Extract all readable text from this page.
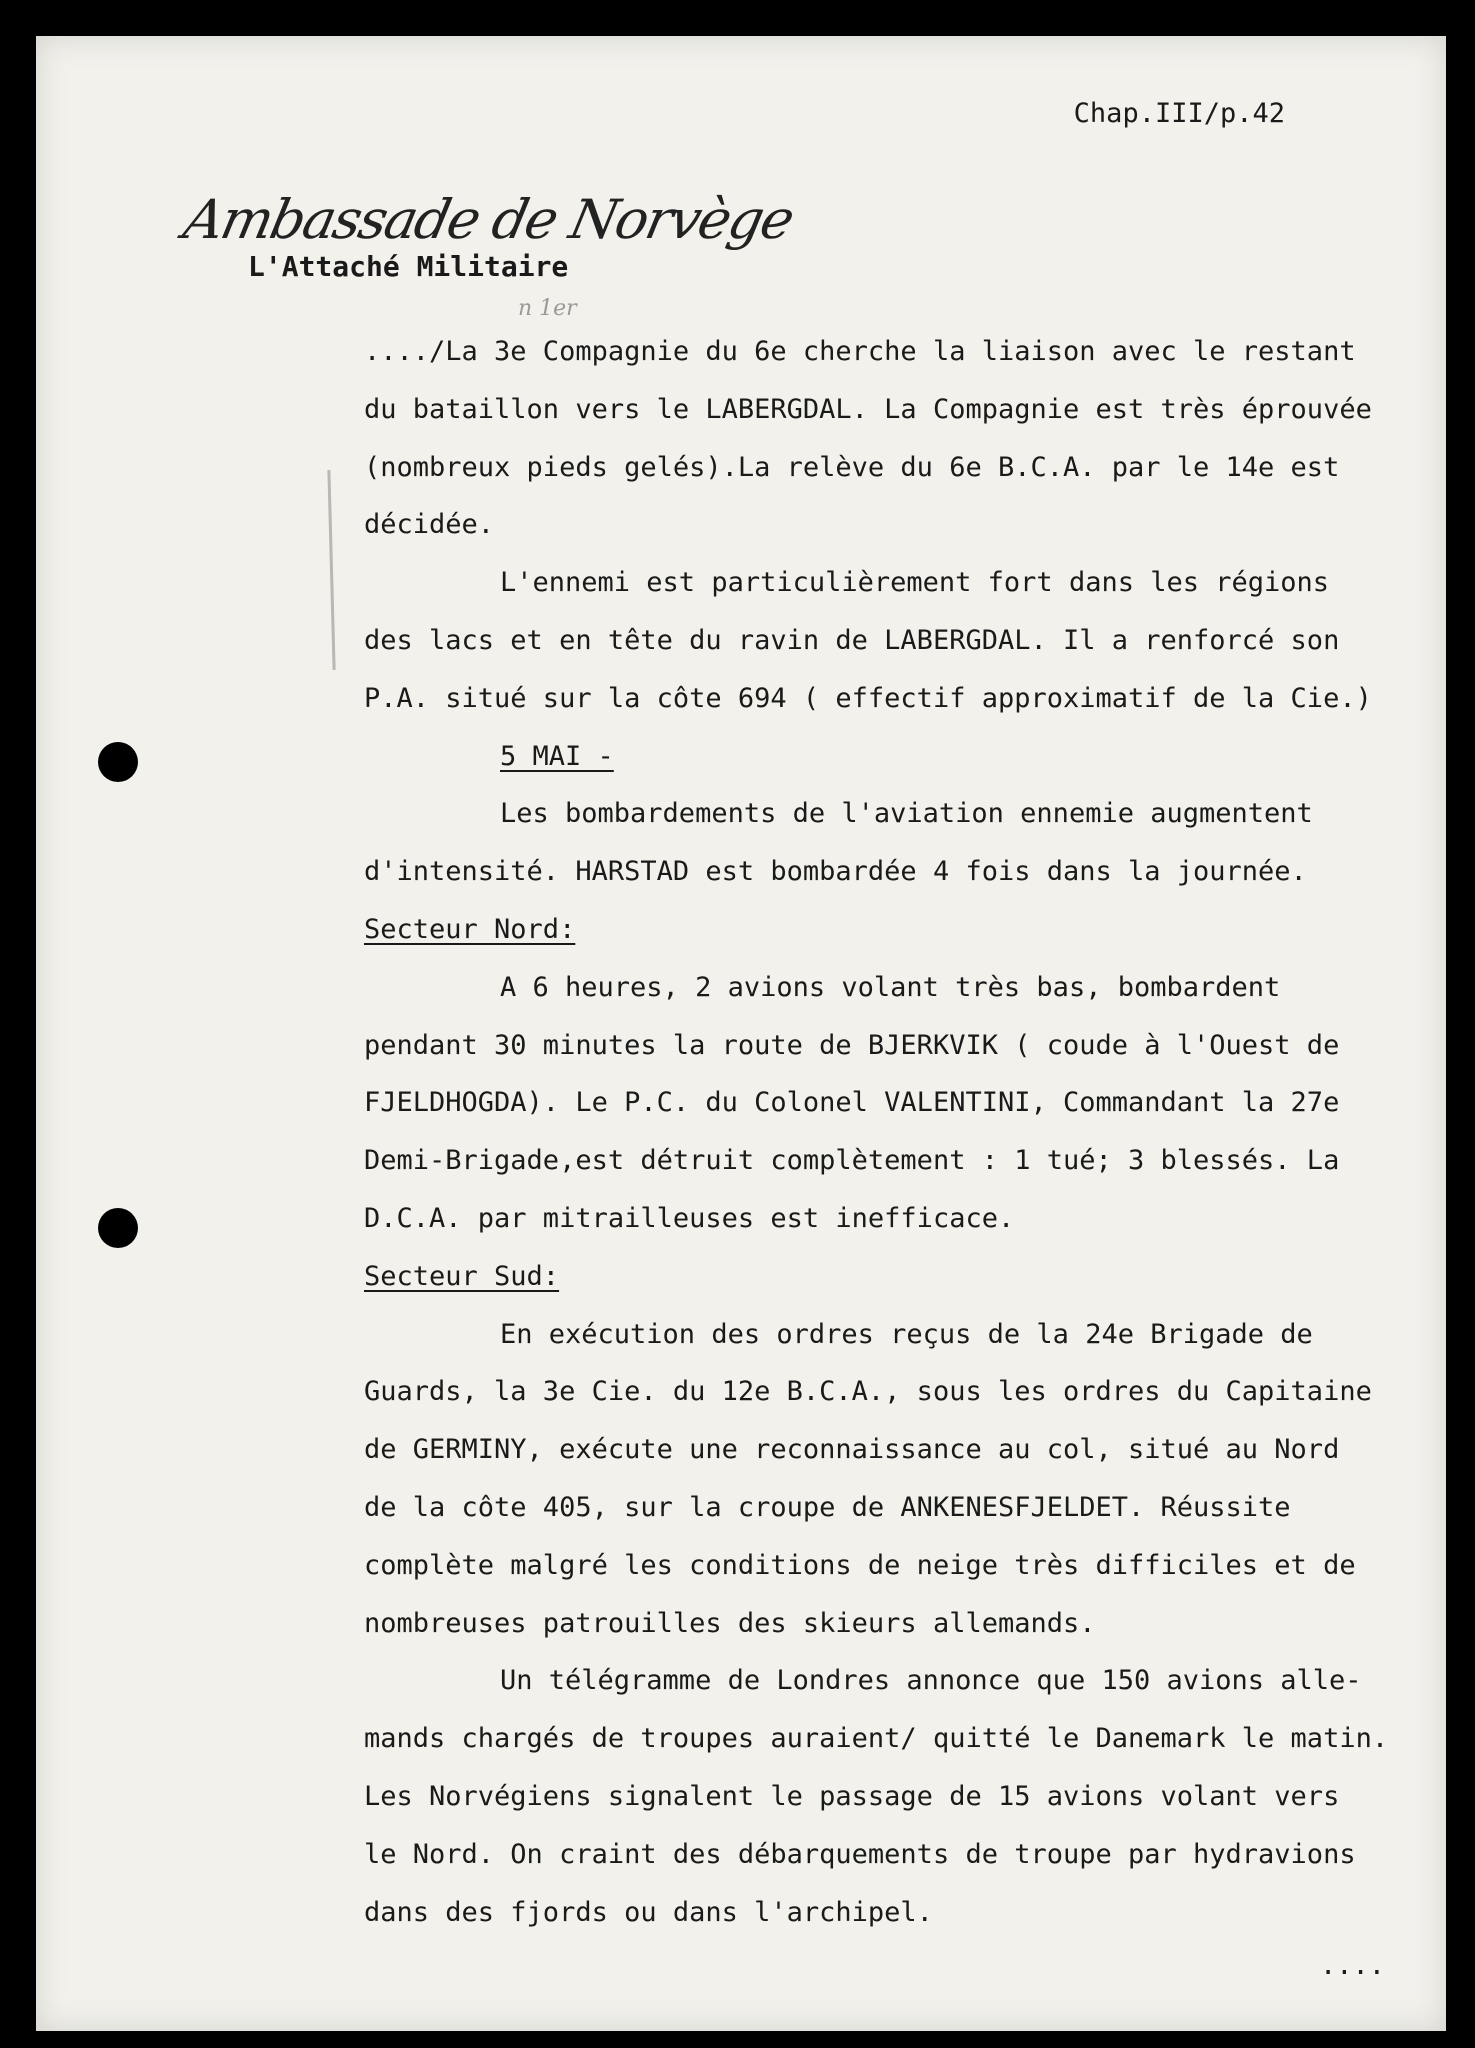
Chap.III/p.42
Ambassade de Norvège
L'Attaché Militaire
n 1er
..../La 3e Compagnie du 6e cherche la liaison avec le restant
du bataillon vers le LABERGDAL. La Compagnie est très éprouvée
(nombreux pieds gelés).La relève du 6e B.C.A. par le 14e est
décidée.
L'ennemi est particulièrement fort dans les régions
des lacs et en tête du ravin de LABERGDAL. Il a renforcé son
P.A. situé sur la côte 694 ( effectif approximatif de la Cie.)
5 MAI -
Les bombardements de l'aviation ennemie augmentent
d'intensité. HARSTAD est bombardée 4 fois dans la journée.
Secteur Nord:
A 6 heures, 2 avions volant très bas, bombardent
pendant 30 minutes la route de BJERKVIK ( coude à l'Ouest de
FJELDHOGDA). Le P.C. du Colonel VALENTINI, Commandant la 27e
Demi-Brigade,est détruit complètement : 1 tué; 3 blessés. La
D.C.A. par mitrailleuses est inefficace.
Secteur Sud:
En exécution des ordres reçus de la 24e Brigade de
Guards, la 3e Cie. du 12e B.C.A., sous les ordres du Capitaine
de GERMINY, exécute une reconnaissance au col, situé au Nord
de la côte 405, sur la croupe de ANKENESFJELDET. Réussite
complète malgré les conditions de neige très difficiles et de
nombreuses patrouilles des skieurs allemands.
Un télégramme de Londres annonce que 150 avions alle-
mands chargés de troupes auraient/ quitté le Danemark le matin.
Les Norvégiens signalent le passage de 15 avions volant vers
le Nord. On craint des débarquements de troupe par hydravions
dans des fjords ou dans l'archipel.
....
